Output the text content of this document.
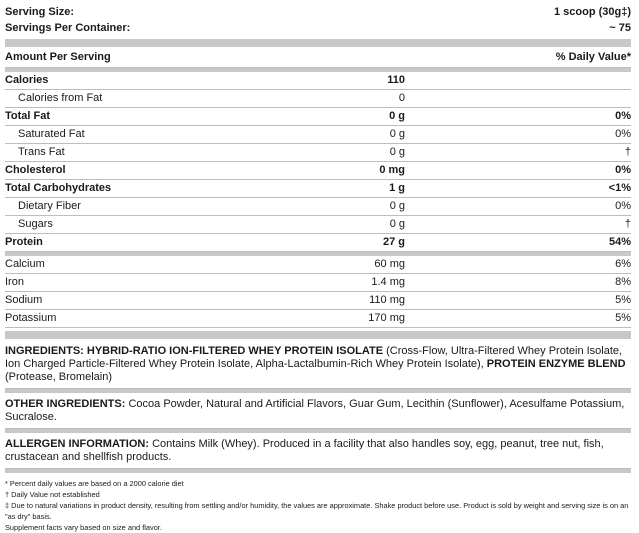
Serving Size:	1 scoop (30g‡)
Servings Per Container:	~ 75
Amount Per Serving	% Daily Value*
Calories	110
Calories from Fat	0
Total Fat	0 g	0%
Saturated Fat	0 g	0%
Trans Fat	0 g	†
Cholesterol	0 mg	0%
Total Carbohydrates	1 g	<1%
Dietary Fiber	0 g	0%
Sugars	0 g	†
Protein	27 g	54%
Calcium	60 mg	6%
Iron	1.4 mg	8%
Sodium	110 mg	5%
Potassium	170 mg	5%
INGREDIENTS: HYBRID-RATIO ION-FILTERED WHEY PROTEIN ISOLATE (Cross-Flow, Ultra-Filtered Whey Protein Isolate, Ion Charged Particle-Filtered Whey Protein Isolate, Alpha-Lactalbumin-Rich Whey Protein Isolate), PROTEIN ENZYME BLEND (Protease, Bromelain)
OTHER INGREDIENTS: Cocoa Powder, Natural and Artificial Flavors, Guar Gum, Lecithin (Sunflower), Acesulfame Potassium, Sucralose.
ALLERGEN INFORMATION: Contains Milk (Whey). Produced in a facility that also handles soy, egg, peanut, tree nut, fish, crustacean and shellfish products.
* Percent daily values are based on a 2000 calorie diet
† Daily Value not established
‡ Due to natural variations in product density, resulting from settling and/or humidity, the values are approximate. Shake product before use. Product is sold by weight and serving size is on an "as dry" basis.
Supplement facts vary based on size and flavor.
